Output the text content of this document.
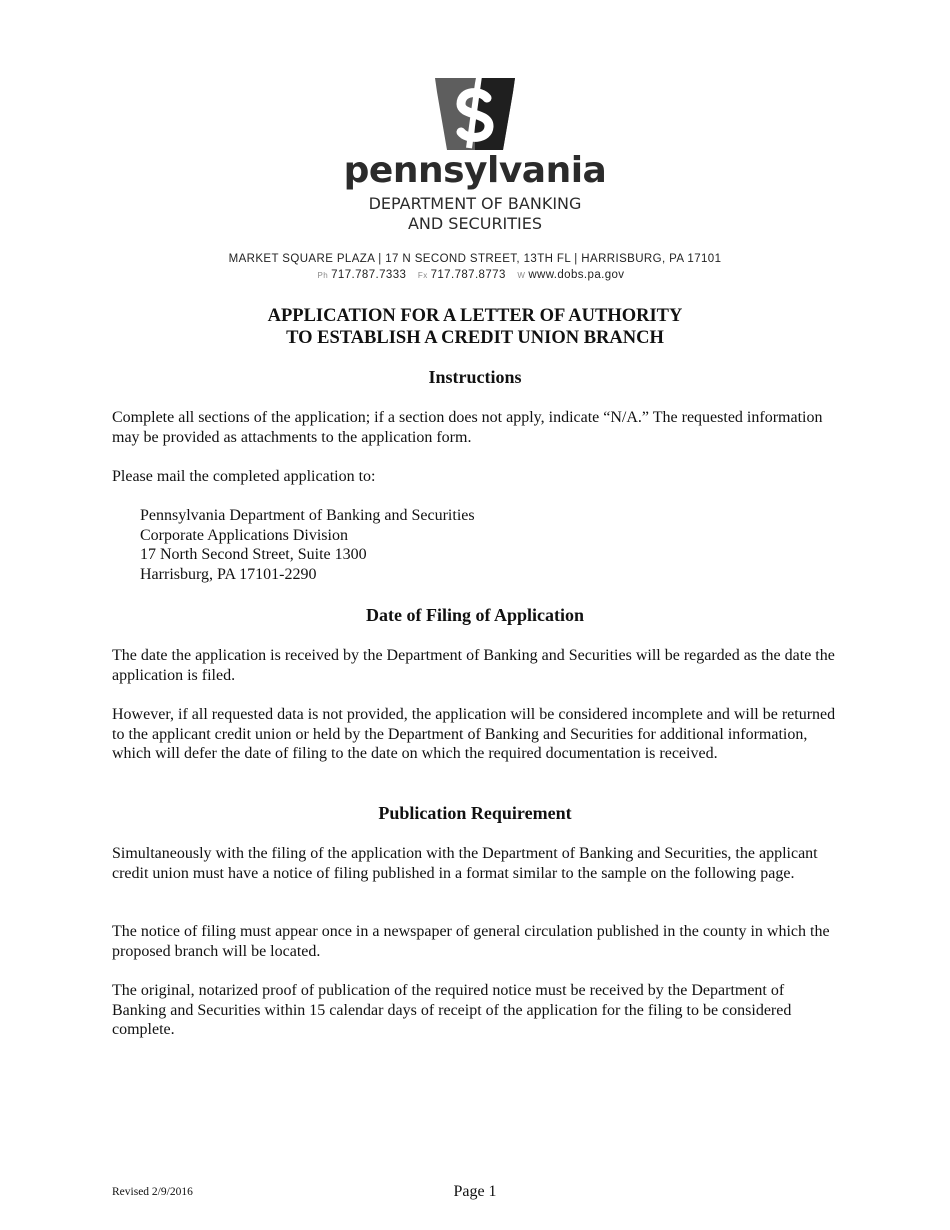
pennsylvania
DEPARTMENT OF BANKING
AND SECURITIES
MARKET SQUARE PLAZA | 17 N SECOND STREET, 13TH FL | HARRISBURG, PA 17101
Ph 717.787.7333 Fx 717.787.8773 W www.dobs.pa.gov
APPLICATION FOR A LETTER OF AUTHORITY
TO ESTABLISH A CREDIT UNION BRANCH
Instructions
Complete all sections of the application; if a section does not apply, indicate “N/A.” The requested information may be provided as attachments to the application form.
Please mail the completed application to:
Pennsylvania Department of Banking and Securities
Corporate Applications Division
17 North Second Street, Suite 1300
Harrisburg, PA 17101-2290
Date of Filing of Application
The date the application is received by the Department of Banking and Securities will be regarded as the date the application is filed.
However, if all requested data is not provided, the application will be considered incomplete and will be returned to the applicant credit union or held by the Department of Banking and Securities for additional information, which will defer the date of filing to the date on which the required documentation is received.
Publication Requirement
Simultaneously with the filing of the application with the Department of Banking and Securities, the applicant credit union must have a notice of filing published in a format similar to the sample on the following page.
The notice of filing must appear once in a newspaper of general circulation published in the county in which the proposed branch will be located.
The original, notarized proof of publication of the required notice must be received by the Department of Banking and Securities within 15 calendar days of receipt of the application for the filing to be considered complete.
Revised 2/9/2016	Page 1
